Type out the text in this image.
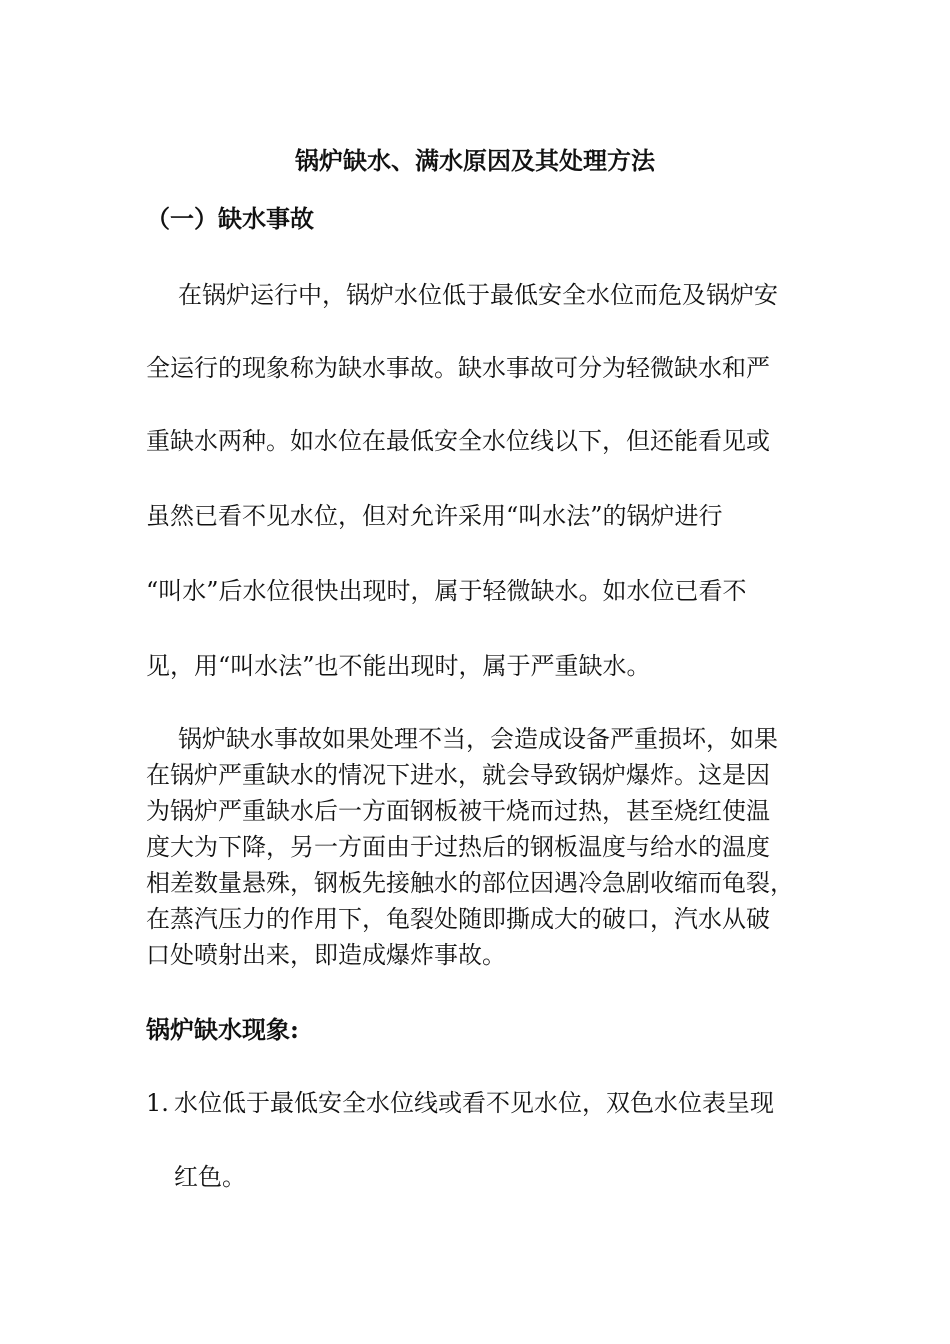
锅炉缺水、满水原因及其处理方法
（一）缺水事故
在锅炉运行中，锅炉水位低于最低安全水位而危及锅炉安
全运行的现象称为缺水事故。缺水事故可分为轻微缺水和严
重缺水两种。如水位在最低安全水位线以下，但还能看见或
虽然已看不见水位，但对允许采用“叫水法”的锅炉进行
“叫水”后水位很快出现时，属于轻微缺水。如水位已看不
见，用“叫水法”也不能出现时，属于严重缺水。
锅炉缺水事故如果处理不当，会造成设备严重损坏，如果
在锅炉严重缺水的情况下进水，就会导致锅炉爆炸。这是因
为锅炉严重缺水后一方面钢板被干烧而过热，甚至烧红使温
度大为下降，另一方面由于过热后的钢板温度与给水的温度
相差数量悬殊，钢板先接触水的部位因遇冷急剧收缩而龟裂，
在蒸汽压力的作用下，龟裂处随即撕成大的破口，汽水从破
口处喷射出来，即造成爆炸事故。
锅炉缺水现象:
1. 水位低于最低安全水位线或看不见水位，双色水位表呈现
红色。
